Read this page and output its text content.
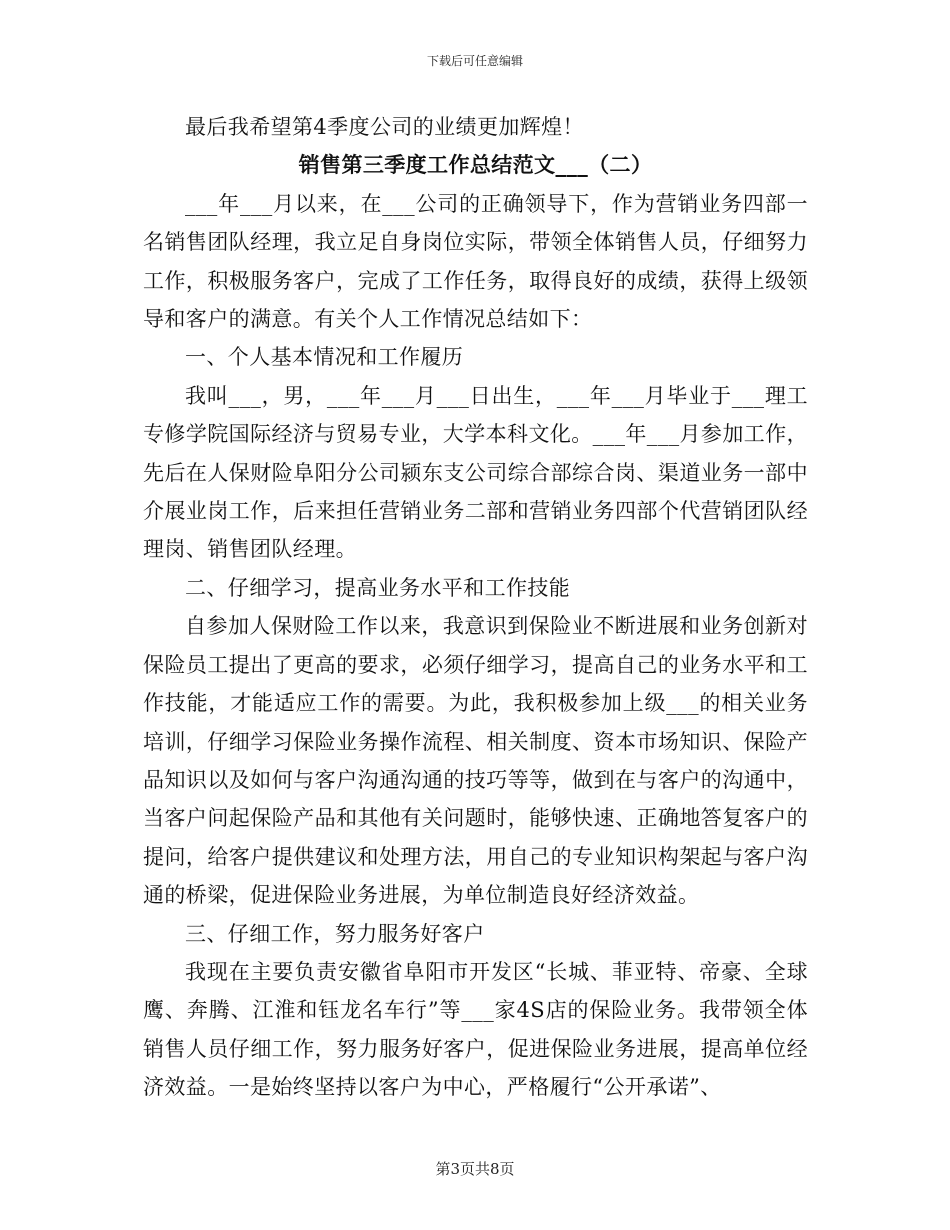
下载后可任意编辑

最后我希望第4季度公司的业绩更加辉煌！

销售第三季度工作总结范文___（二）

___年___月以来，在___公司的正确领导下，作为营销业务四部一名销售团队经理，我立足自身岗位实际，带领全体销售人员，仔细努力工作，积极服务客户，完成了工作任务，取得良好的成绩，获得上级领导和客户的满意。有关个人工作情况总结如下：

一、个人基本情况和工作履历

我叫___，男，___年___月___日出生，___年___月毕业于___理工专修学院国际经济与贸易专业，大学本科文化。___年___月参加工作，先后在人保财险阜阳分公司颍东支公司综合部综合岗、渠道业务一部中介展业岗工作，后来担任营销业务二部和营销业务四部个代营销团队经理岗、销售团队经理。

二、仔细学习，提高业务水平和工作技能

自参加人保财险工作以来，我意识到保险业不断进展和业务创新对保险员工提出了更高的要求，必须仔细学习，提高自己的业务水平和工作技能，才能适应工作的需要。为此，我积极参加上级___的相关业务培训，仔细学习保险业务操作流程、相关制度、资本市场知识、保险产品知识以及如何与客户沟通沟通的技巧等等，做到在与客户的沟通中，当客户问起保险产品和其他有关问题时，能够快速、正确地答复客户的提问，给客户提供建议和处理方法，用自己的专业知识构架起与客户沟通的桥梁，促进保险业务进展，为单位制造良好经济效益。

三、仔细工作，努力服务好客户

我现在主要负责安徽省阜阳市开发区“长城、菲亚特、帝豪、全球鹰、奔腾、江淮和钰龙名车行”等___家4S店的保险业务。我带领全体销售人员仔细工作，努力服务好客户，促进保险业务进展，提高单位经济效益。一是始终坚持以客户为中心，严格履行“公开承诺”、

第3页共8页
